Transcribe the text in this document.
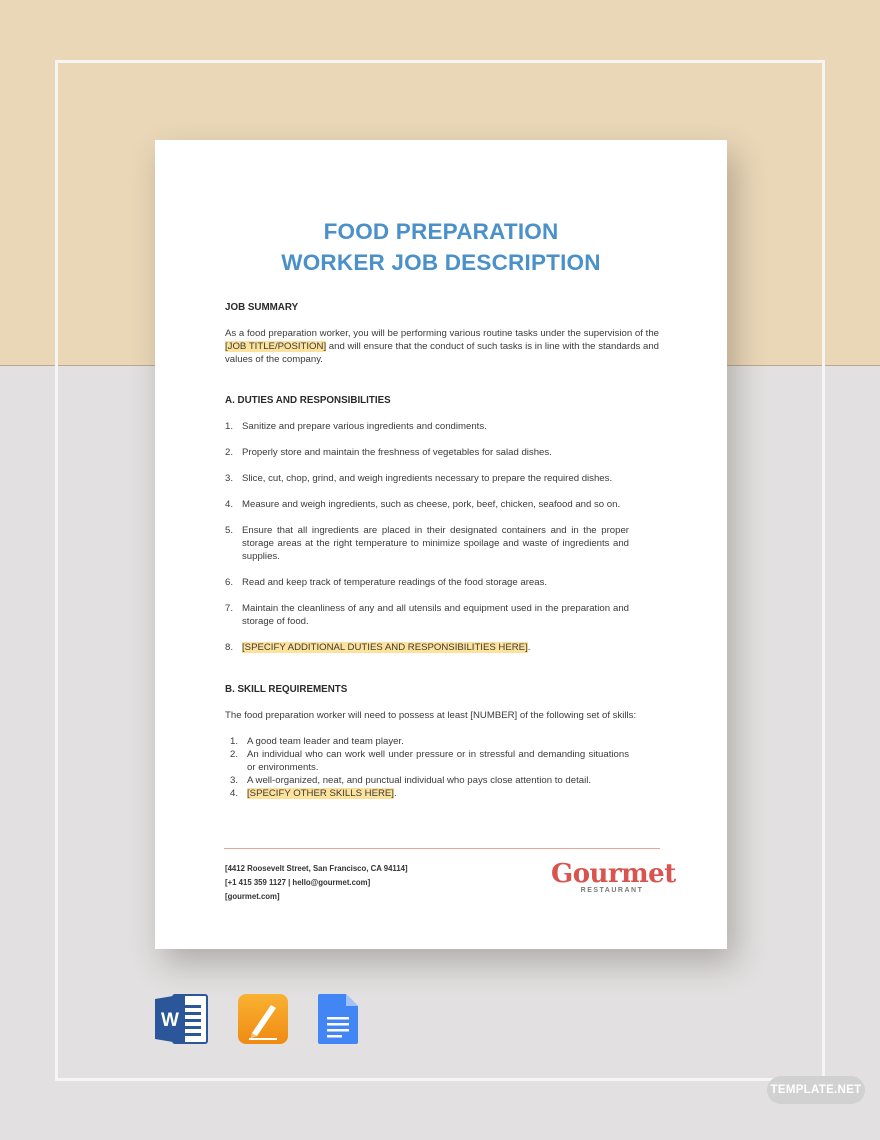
FOOD PREPARATION
WORKER JOB DESCRIPTION
JOB SUMMARY
As a food preparation worker, you will be performing various routine tasks under the supervision of the [JOB TITLE/POSITION] and will ensure that the conduct of such tasks is in line with the standards and values of the company.
A. DUTIES AND RESPONSIBILITIES
1. Sanitize and prepare various ingredients and condiments.
2. Properly store and maintain the freshness of vegetables for salad dishes.
3. Slice, cut, chop, grind, and weigh ingredients necessary to prepare the required dishes.
4. Measure and weigh ingredients, such as cheese, pork, beef, chicken, seafood and so on.
5. Ensure that all ingredients are placed in their designated containers and in the proper storage areas at the right temperature to minimize spoilage and waste of ingredients and supplies.
6. Read and keep track of temperature readings of the food storage areas.
7. Maintain the cleanliness of any and all utensils and equipment used in the preparation and storage of food.
8. [SPECIFY ADDITIONAL DUTIES AND RESPONSIBILITIES HERE].
B. SKILL REQUIREMENTS
The food preparation worker will need to possess at least [NUMBER] of the following set of skills:
1. A good team leader and team player.
2. An individual who can work well under pressure or in stressful and demanding situations or environments.
3. A well-organized, neat, and punctual individual who pays close attention to detail.
4. [SPECIFY OTHER SKILLS HERE].
[4412 Roosevelt Street, San Francisco, CA 94114]
[+1 415 359 1127 | hello@gourmet.com]
[gourmet.com]
Gourmet
RESTAURANT
W
TEMPLATE.NET
